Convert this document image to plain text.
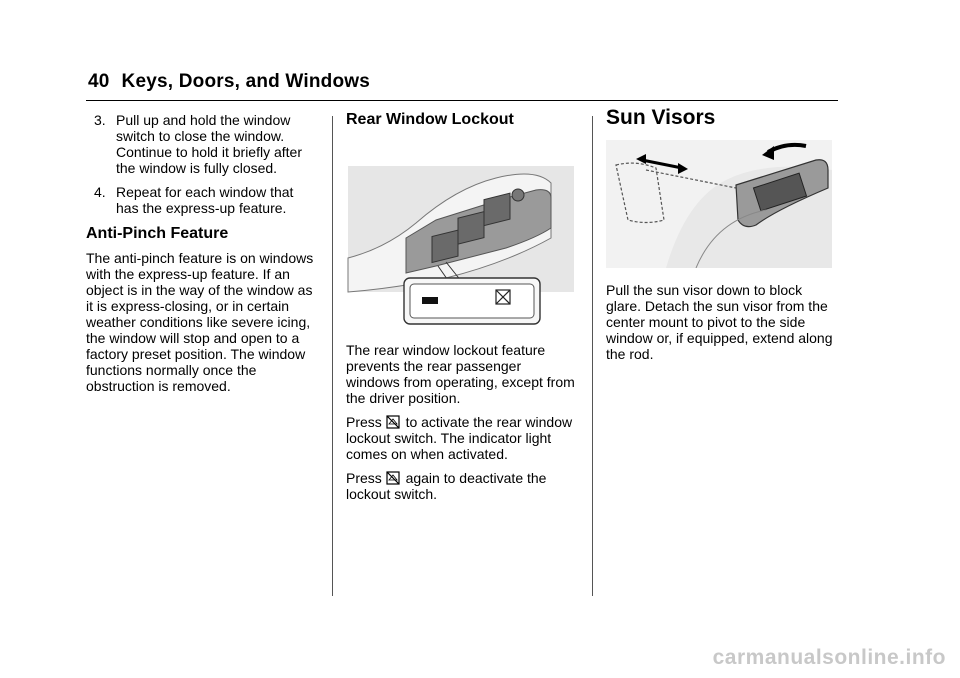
40 Keys, Doors, and Windows
3. Pull up and hold the window switch to close the window. Continue to hold it briefly after the window is fully closed.
4. Repeat for each window that has the express-up feature.
Anti-Pinch Feature

The anti-pinch feature is on windows with the express-up feature. If an object is in the way of the window as it is express-closing, or in certain weather conditions like severe icing, the window will stop and open to a factory preset position. The window functions normally once the obstruction is removed.

Rear Window Lockout

The rear window lockout feature prevents the rear passenger windows from operating, except from the driver position.

Press to activate the rear window lockout switch. The indicator light comes on when activated.

Press again to deactivate the lockout switch.

Sun Visors

Pull the sun visor down to block glare. Detach the sun visor from the center mount to pivot to the side window or, if equipped, extend along the rod.

carmanualsonline.info
